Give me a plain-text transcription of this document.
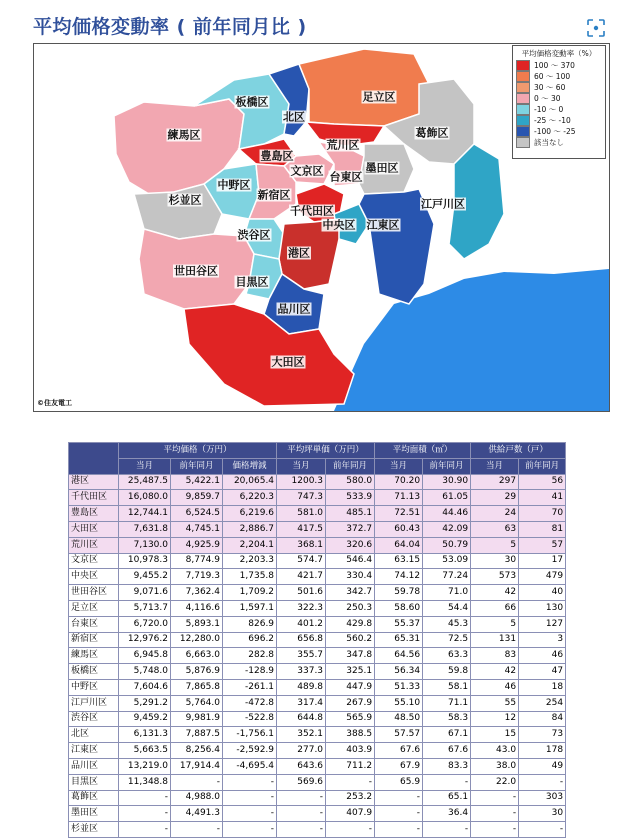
平均価格変動率 ( 前年同月比 )
板橋区
北区
足立区
練馬区
荒川区
葛飾区
豊島区
文京区 台東区
墨田区
中野区
新宿区
杉並区
千代田区
江戸川区
中央区 江東区
渋谷区
港区
世田谷区
目黒区
品川区
大田区
平均価格変動率（%）
100 ～ 370
60 ～ 100
30 ～ 60
0 ～ 30
-10 ～ 0
-25 ～ -10
-100 ～ -25
該当なし
©住友電工
	平均価格（万円）			平均坪単価（万円）		平均面積（㎡）		供給戸数（戸）	
	当月	前年同月	価格増減	当月	前年同月	当月	前年同月	当月	前年同月
港区	25,487.5	5,422.1	20,065.4	1200.3	580.0	70.20	30.90	297	56
千代田区	16,080.0	9,859.7	6,220.3	747.3	533.9	71.13	61.05	29	41
豊島区	12,744.1	6,524.5	6,219.6	581.0	485.1	72.51	44.46	24	70
大田区	7,631.8	4,745.1	2,886.7	417.5	372.7	60.43	42.09	63	81
荒川区	7,130.0	4,925.9	2,204.1	368.1	320.6	64.04	50.79	5	57
文京区	10,978.3	8,774.9	2,203.3	574.7	546.4	63.15	53.09	30	17
中央区	9,455.2	7,719.3	1,735.8	421.7	330.4	74.12	77.24	573	479
世田谷区	9,071.6	7,362.4	1,709.2	501.6	342.7	59.78	71.0	42	40
足立区	5,713.7	4,116.6	1,597.1	322.3	250.3	58.60	54.4	66	130
台東区	6,720.0	5,893.1	826.9	401.2	429.8	55.37	45.3	5	127
新宿区	12,976.2	12,280.0	696.2	656.8	560.2	65.31	72.5	131	3
練馬区	6,945.8	6,663.0	282.8	355.7	347.8	64.56	63.3	83	46
板橋区	5,748.0	5,876.9	-128.9	337.3	325.1	56.34	59.8	42	47
中野区	7,604.6	7,865.8	-261.1	489.8	447.9	51.33	58.1	46	18
江戸川区	5,291.2	5,764.0	-472.8	317.4	267.9	55.10	71.1	55	254
渋谷区	9,459.2	9,981.9	-522.8	644.8	565.9	48.50	58.3	12	84
北区	6,131.3	7,887.5	-1,756.1	352.1	388.5	57.57	67.1	15	73
江東区	5,663.5	8,256.4	-2,592.9	277.0	403.9	67.6	67.6	43.0	178
品川区	13,219.0	17,914.4	-4,695.4	643.6	711.2	67.9	83.3	38.0	49
目黒区	11,348.8	-	-	569.6	-	65.9	-	22.0	-
葛飾区	-	4,988.0	-	-	253.2	-	65.1	-	303
墨田区	-	4,491.3	-	-	407.9	-	36.4	-	30
杉並区	-	-	-	-	-	-	-	-	-
